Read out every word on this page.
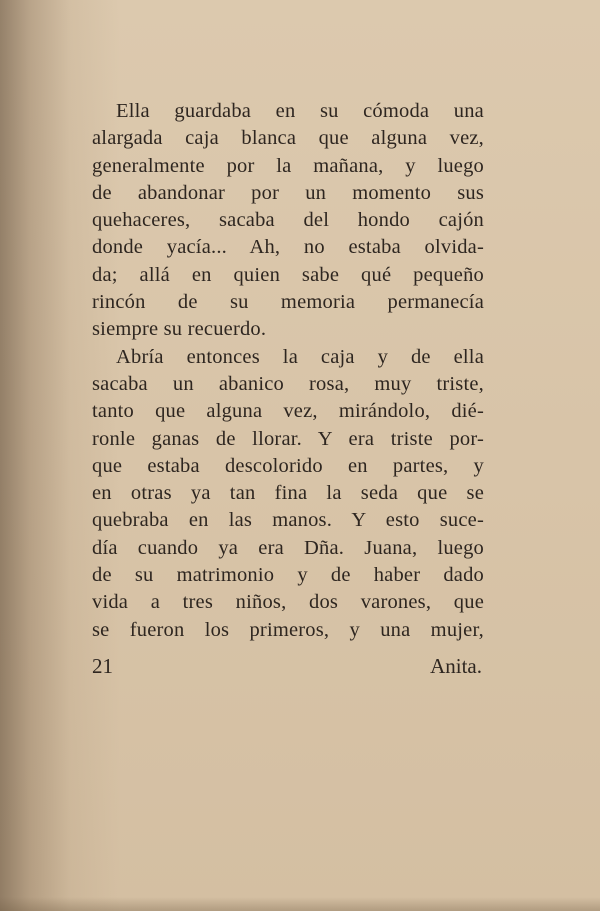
Ella guardaba en su cómoda una
alargada caja blanca que alguna vez,
generalmente por la mañana, y luego
de abandonar por un momento sus
quehaceres, sacaba del hondo cajón
donde yacía... Ah, no estaba olvida-
da; allá en quien sabe qué pequeño
rincón de su memoria permanecía
siempre su recuerdo.
Abría entonces la caja y de ella
sacaba un abanico rosa, muy triste,
tanto que alguna vez, mirándolo, dié-
ronle ganas de llorar. Y era triste por-
que estaba descolorido en partes, y
en otras ya tan fina la seda que se
quebraba en las manos. Y esto suce-
día cuando ya era Dña. Juana, luego
de su matrimonio y de haber dado
vida a tres niños, dos varones, que
se fueron los primeros, y una mujer,
21	Anita.
